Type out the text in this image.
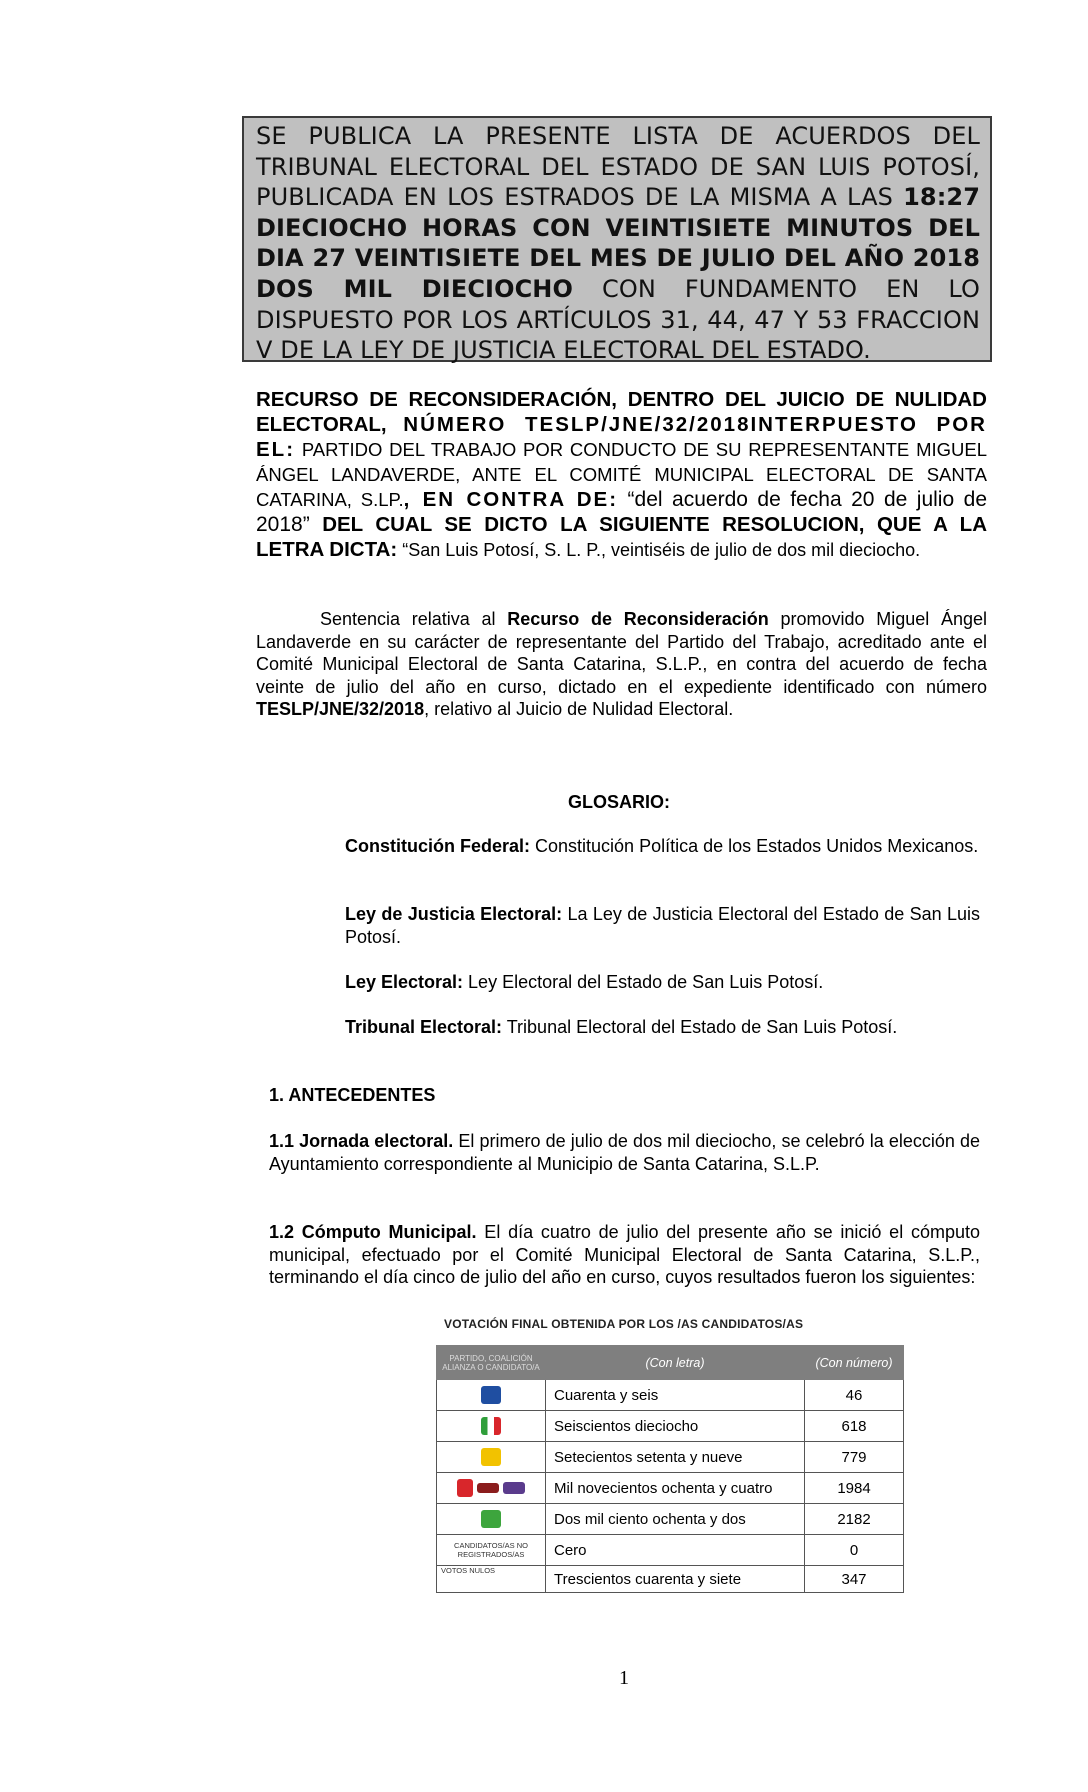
SE PUBLICA LA PRESENTE LISTA DE ACUERDOS DEL TRIBUNAL ELECTORAL DEL ESTADO DE SAN LUIS POTOSÍ, PUBLICADA EN LOS ESTRADOS DE LA MISMA A LAS 18:27 DIECIOCHO HORAS CON VEINTISIETE MINUTOS DEL DIA 27 VEINTISIETE DEL MES DE JULIO DEL AÑO 2018 DOS MIL DIECIOCHO CON FUNDAMENTO EN LO DISPUESTO POR LOS ARTÍCULOS 31, 44, 47 Y 53 FRACCION V DE LA LEY DE JUSTICIA ELECTORAL DEL ESTADO.
RECURSO DE RECONSIDERACIÓN, DENTRO DEL JUICIO DE NULIDAD ELECTORAL, NÚMERO TESLP/JNE/32/2018INTERPUESTO POR EL: PARTIDO DEL TRABAJO POR CONDUCTO DE SU REPRESENTANTE MIGUEL ÁNGEL LANDAVERDE, ANTE EL COMITÉ MUNICIPAL ELECTORAL DE SANTA CATARINA, S.LP., EN CONTRA DE: “del acuerdo de fecha 20 de julio de 2018” DEL CUAL SE DICTO LA SIGUIENTE RESOLUCION, QUE A LA LETRA DICTA: “San Luis Potosí, S. L. P., veintiséis de julio de dos mil dieciocho.
Sentencia relativa al Recurso de Reconsideración promovido Miguel Ángel Landaverde en su carácter de representante del Partido del Trabajo, acreditado ante el Comité Municipal Electoral de Santa Catarina, S.L.P., en contra del acuerdo de fecha veinte de julio del año en curso, dictado en el expediente identificado con número TESLP/JNE/32/2018, relativo al Juicio de Nulidad Electoral.
GLOSARIO:
Constitución Federal: Constitución Política de los Estados Unidos Mexicanos.
Ley de Justicia Electoral: La Ley de Justicia Electoral del Estado de San Luis Potosí.
Ley Electoral: Ley Electoral del Estado de San Luis Potosí.
Tribunal Electoral: Tribunal Electoral del Estado de San Luis Potosí.
1. ANTECEDENTES
1.1 Jornada electoral. El primero de julio de dos mil dieciocho, se celebró la elección de Ayuntamiento correspondiente al Municipio de Santa Catarina, S.L.P.
1.2 Cómputo Municipal. El día cuatro de julio del presente año se inició el cómputo municipal, efectuado por el Comité Municipal Electoral de Santa Catarina, S.L.P., terminando el día cinco de julio del año en curso, cuyos resultados fueron los siguientes:
VOTACIÓN FINAL OBTENIDA POR LOS /AS CANDIDATOS/AS
PARTIDO, COALICIÓN ALIANZA O CANDIDATO/A	(Con letra)	(Con número)
	Cuarenta y seis	46
	Seiscientos dieciocho	618
	Setecientos setenta y nueve	779
	Mil novecientos ochenta y cuatro	1984
	Dos mil ciento ochenta y dos	2182
CANDIDATOS/AS NO REGISTRADOS/AS	Cero	0
VOTOS NULOS	Trescientos cuarenta y siete	347
1
